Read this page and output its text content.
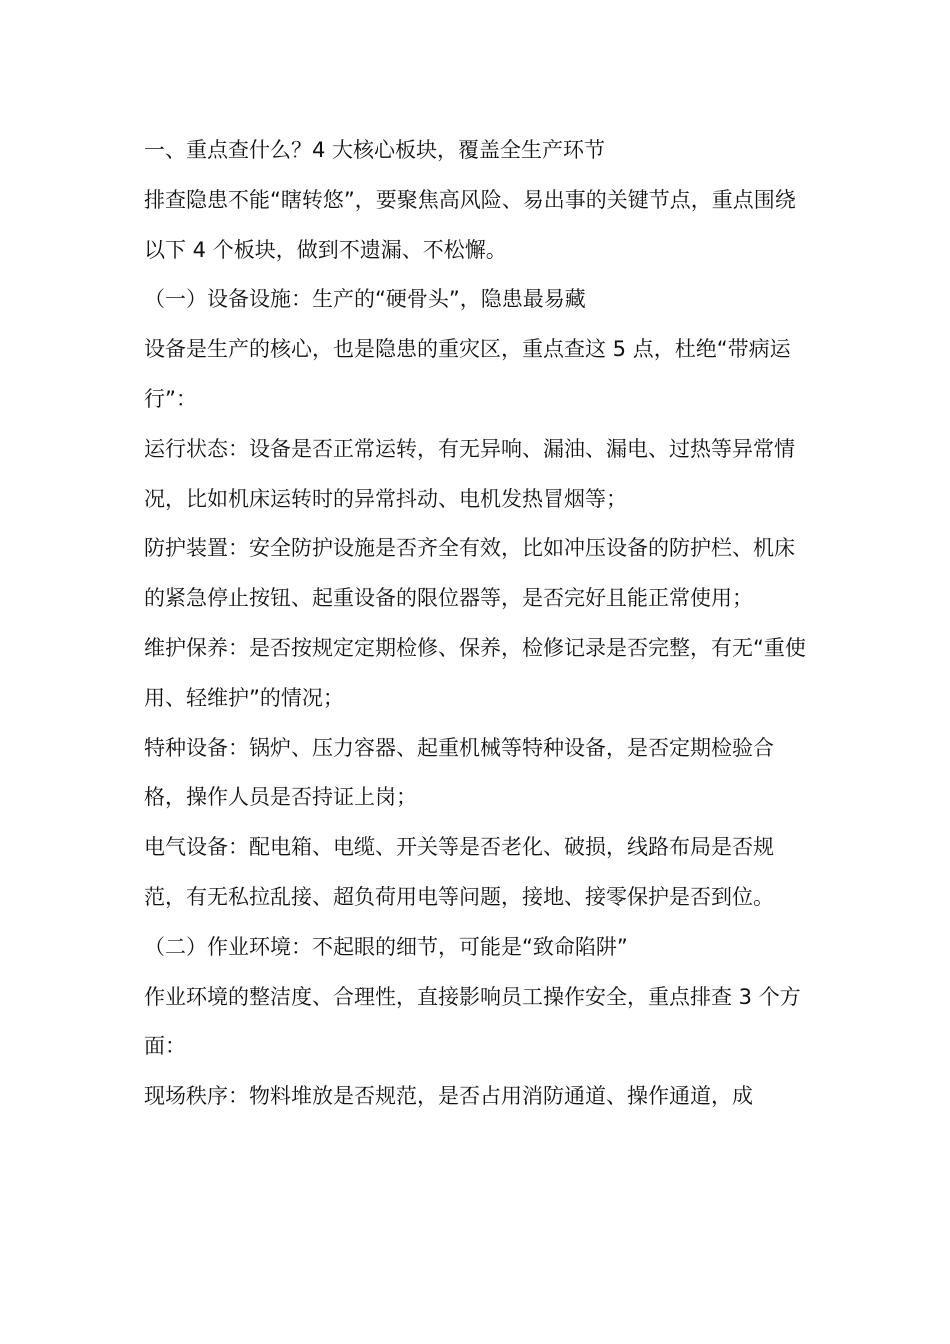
一、重点查什么？4 大核心板块，覆盖全生产环节

排查隐患不能“瞎转悠”，要聚焦高风险、易出事的关键节点，重点围绕以下 4 个板块，做到不遗漏、不松懈。

（一）设备设施：生产的“硬骨头”，隐患最易藏

设备是生产的核心，也是隐患的重灾区，重点查这 5 点，杜绝“带病运行”：

运行状态：设备是否正常运转，有无异响、漏油、漏电、过热等异常情况，比如机床运转时的异常抖动、电机发热冒烟等；

防护装置：安全防护设施是否齐全有效，比如冲压设备的防护栏、机床的紧急停止按钮、起重设备的限位器等，是否完好且能正常使用；

维护保养：是否按规定定期检修、保养，检修记录是否完整，有无“重使用、轻维护”的情况；

特种设备：锅炉、压力容器、起重机械等特种设备，是否定期检验合格，操作人员是否持证上岗；

电气设备：配电箱、电缆、开关等是否老化、破损，线路布局是否规范，有无私拉乱接、超负荷用电等问题，接地、接零保护是否到位。

（二）作业环境：不起眼的细节，可能是“致命陷阱”

作业环境的整洁度、合理性，直接影响员工操作安全，重点排查 3 个方面：

现场秩序：物料堆放是否规范，是否占用消防通道、操作通道，成
